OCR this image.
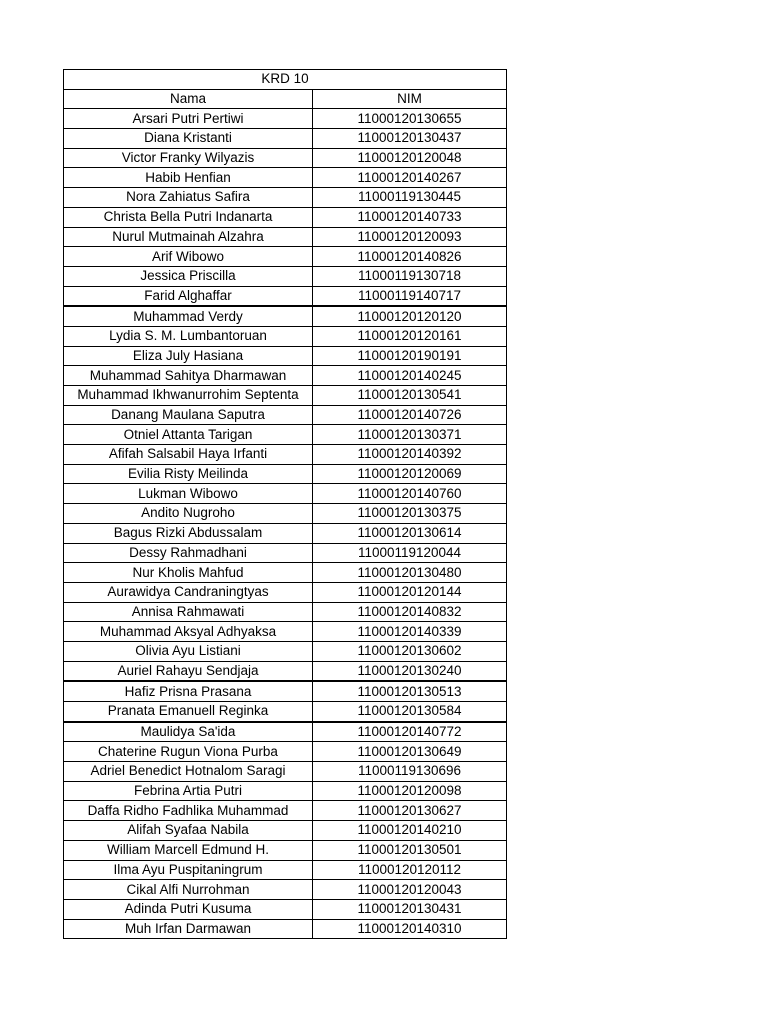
KRD 10	
Nama	NIM
Arsari Putri Pertiwi	11000120130655
Diana Kristanti	11000120130437
Victor Franky Wilyazis	11000120120048
Habib Henfian	11000120140267
Nora Zahiatus Safira	11000119130445
Christa Bella Putri Indanarta	11000120140733
Nurul Mutmainah Alzahra	11000120120093
Arif Wibowo	11000120140826
Jessica Priscilla	11000119130718
Farid Alghaffar	11000119140717
Muhammad Verdy	11000120120120
Lydia S. M. Lumbantoruan	11000120120161
Eliza July Hasiana	11000120190191
Muhammad Sahitya Dharmawan	11000120140245
Muhammad Ikhwanurrohim Septenta	11000120130541
Danang Maulana Saputra	11000120140726
Otniel Attanta Tarigan	11000120130371
Afifah Salsabil Haya Irfanti	11000120140392
Evilia Risty Meilinda	11000120120069
Lukman Wibowo	11000120140760
Andito Nugroho	11000120130375
Bagus Rizki Abdussalam	11000120130614
Dessy Rahmadhani	11000119120044
Nur Kholis Mahfud	11000120130480
Aurawidya Candraningtyas	11000120120144
Annisa Rahmawati	11000120140832
Muhammad Aksyal Adhyaksa	11000120140339
Olivia Ayu Listiani	11000120130602
Auriel Rahayu Sendjaja	11000120130240
Hafiz Prisna Prasana	11000120130513
Pranata Emanuell Reginka	11000120130584
Maulidya Sa'ida	11000120140772
Chaterine Rugun Viona Purba	11000120130649
Adriel Benedict Hotnalom Saragi	11000119130696
Febrina Artia Putri	11000120120098
Daffa Ridho Fadhlika Muhammad	11000120130627
Alifah Syafaa Nabila	11000120140210
William Marcell Edmund H.	11000120130501
Ilma Ayu Puspitaningrum	11000120120112
Cikal Alfi Nurrohman	11000120120043
Adinda Putri Kusuma	11000120130431
Muh Irfan Darmawan	11000120140310
